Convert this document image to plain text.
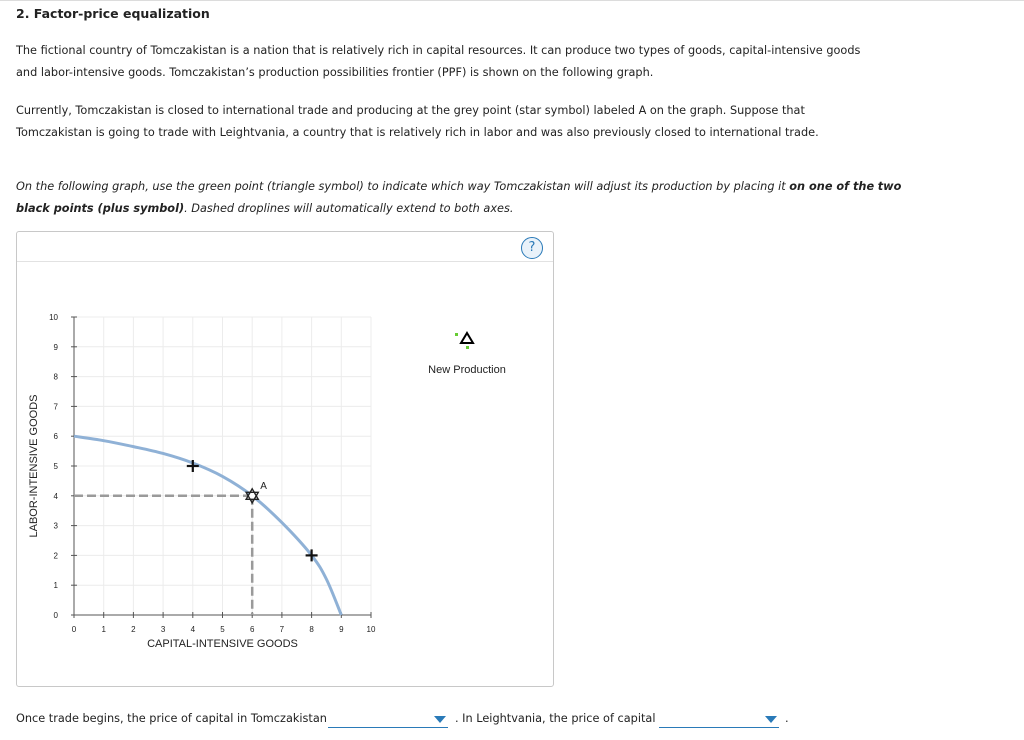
2. Factor-price equalization
The fictional country of Tomczakistan is a nation that is relatively rich in capital resources. It can produce two types of goods, capital-intensive goods
and labor-intensive goods. Tomczakistan’s production possibilities frontier (PPF) is shown on the following graph.
Currently, Tomczakistan is closed to international trade and producing at the grey point (star symbol) labeled A on the graph. Suppose that
Tomczakistan is going to trade with Leightvania, a country that is relatively rich in labor and was also previously closed to international trade.
On the following graph, use the green point (triangle symbol) to indicate which way Tomczakistan will adjust its production by placing it on one of the two black points (plus symbol). Dashed droplines will automatically extend to both axes.
?
0	1	2	3	4	5	6	7	8	9	10
0
1
2
3
4
5
6
7
8
9
10
CAPITAL-INTENSIVE GOODS
LABOR-INTENSIVE GOODS	A
New Production
Once trade begins, the price of capital in Tomczakistan	. In Leightvania, the price of capital	.
